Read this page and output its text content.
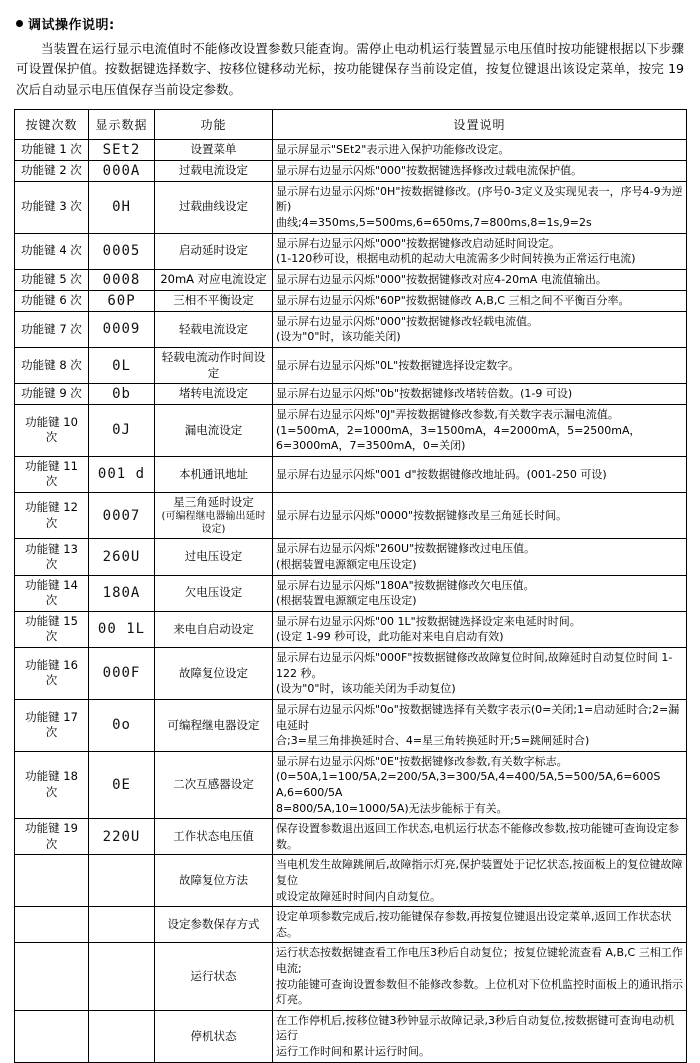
调试操作说明:

当装置在运行显示电流值时不能修改设置参数只能查询。需停止电动机运行装置显示电压值时按功能键根据以下步骤可设置保护值。按数据键选择数字、按移位键移动光标，按功能键保存当前设定值，按复位键退出该设定菜单，按完 19 次后自动显示电压值保存当前设定参数。

按键次数	显示数据	功能	设置说明
功能键 1 次	SEt2	设置菜单	显示屏显示"SEt2"表示进入保护功能修改设定。

功能键 2 次	000A	过载电流设定	显示屏右边显示闪烁"000"按数据键选择修改过载电流保护值。

功能键 3 次	0H	过载曲线设定	显示屏右边显示闪烁"0H"按数据键修改。(序号0-3定义及实现见表一，序号4-9为逆断)
曲线;4=350ms,5=500ms,6=650ms,7=800ms,8=1s,9=2s

功能键 4 次	0005	启动延时设定	显示屏右边显示闪烁"000"按数据键修改启动延时间设定。
(1-120秒可设，根据电动机的起动大电流需多少时间转换为正常运行电流)

功能键 5 次	0008	20mA 对应电流设定	显示屏右边显示闪烁"000"按数据键修改对应4-20mA 电流值输出。

功能键 6 次	60P	三相不平衡设定	显示屏右边显示闪烁"60P"按数据键修改 A,B,C 三相之间不平衡百分率。

功能键 7 次	0009	轻载电流设定	显示屏右边显示闪烁"000"按数据键修改轻载电流值。
(设为"0"时，该功能关闭)

功能键 8 次	0L	轻载电流动作时间设定	显示屏右边显示闪烁"0L"按数据键选择设定数字。

功能键 9 次	0b	堵转电流设定	显示屏右边显示闪烁"0b"按数据键修改堵转倍数。(1-9 可设)

功能键 10 次	0J	漏电流设定	显示屏右边显示闪烁"0J"弄按数据键修改参数,有关数字表示漏电流值。
(1=500mA，2=1000mA，3=1500mA，4=2000mA，5=2500mA，6=3000mA，7=3500mA，0=关闭)

功能键 11 次	001 d	本机通讯地址	显示屏右边显示闪烁"001 d"按数据键修改地址码。(001-250 可设)

功能键 12 次	0007	星三角延时设定
(可编程继电器输出延时设定)	显示屏右边显示闪烁"0000"按数据键修改星三角延长时间。

功能键 13 次	260U	过电压设定	显示屏右边显示闪烁"260U"按数据键修改过电压值。
(根据装置电源额定电压设定)

功能键 14 次	180A	欠电压设定	显示屏右边显示闪烁"180A"按数据键修改欠电压值。
(根据装置电源额定电压设定)

功能键 15 次	00 1L	来电自启动设定	显示屏右边显示闪烁"00 1L"按数据键选择设定来电延时时间。
(设定 1-99 秒可设，此功能对来电自启动有效)

功能键 16 次	000F	故障复位设定	显示屏右边显示闪烁"000F"按数据键修改故障复位时间,故障延时自动复位时间 1-122 秒。
(设为"0"时，该功能关闭为手动复位)

功能键 17 次	0o	可编程继电器设定	显示屏右边显示闪烁"0o"按数据键选择有关数字表示(0=关闭;1=启动延时合;2=漏电延时
合;3=星三角排换延时合、4=星三角转换延时开;5=跳闸延时合)

功能键 18 次	0E	二次互感器设定	显示屏右边显示闪烁"0E"按数据键修改参数,有关数字标志。
(0=50A,1=100/5A,2=200/5A,3=300/5A,4=400/5A,5=500/5A,6=600S A,6=600/5A
8=800/5A,10=1000/5A)无法步能标于有关。

功能键 19 次	220U	工作状态电压值	保存设置参数退出返回工作状态,电机运行状态不能修改参数,按功能键可查询设定参数。

		故障复位方法	当电机发生故障跳闸后,故障指示灯亮,保护装置处于记忆状态,按面板上的复位键故障复位
或设定故障延时时间内自动复位。

		设定参数保存方式	设定单项参数完成后,按功能键保存参数,再按复位键退出设定菜单,返回工作状态状态。

		运行状态	运行状态按数据键查看工作电压3秒后自动复位；按复位键轮流查看 A,B,C 三相工作电流;
按功能键可查询设置参数但不能修改参数。上位机对下位机监控时面板上的通讯指示灯亮。

		停机状态	在工作停机后,按移位键3秒钟显示故障记录,3秒后自动复位,按数据键可查询电动机运行
运行工作时间和累计运行时间。
